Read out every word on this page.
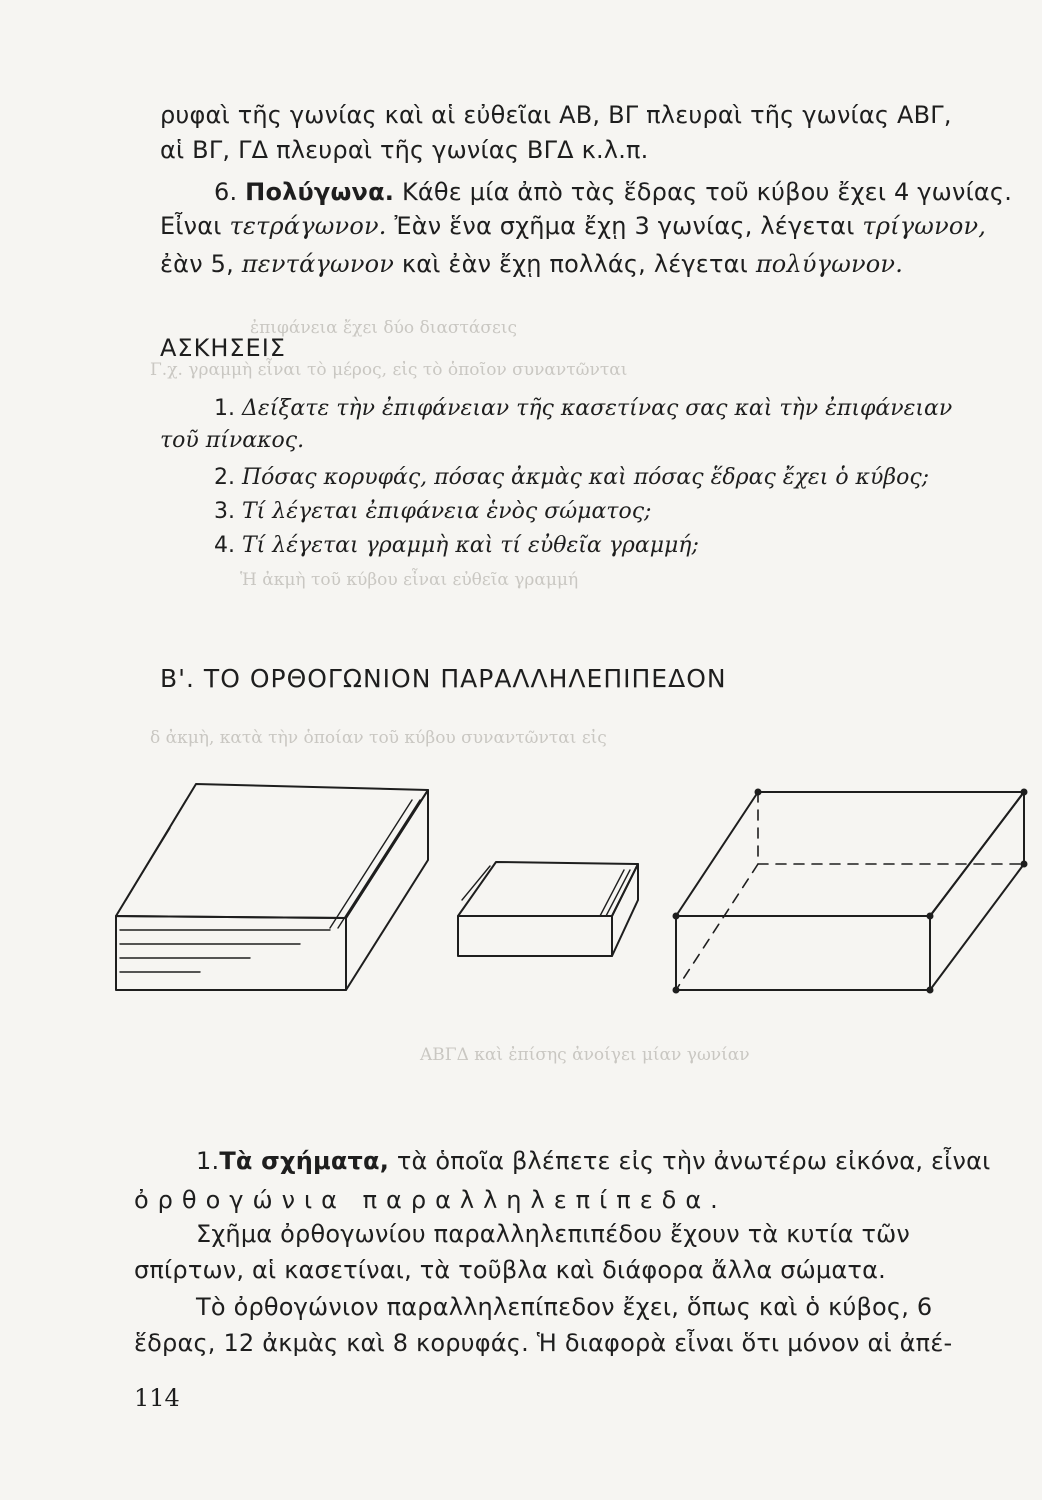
ἐπιφάνεια ἔχει δύο διαστάσεις
Γ.χ. γραμμὴ εἶναι τὸ μέρος, εἰς τὸ ὁποῖον συναντῶνται
Ἡ ἀκμὴ τοῦ κύβου εἶναι εὐθεῖα γραμμή
δ ἀκμὴ, κατὰ τὴν ὁποίαν τοῦ κύβου συναντῶνται εἰς
ΑΒΓΔ καὶ ἐπίσης ἀνοίγει μίαν γωνίαν
ρυφαὶ τῆς γωνίας καὶ αἱ εὐθεῖαι ΑΒ, ΒΓ πλευραὶ τῆς γωνίας ΑΒΓ,
αἱ ΒΓ, ΓΔ πλευραὶ τῆς γωνίας ΒΓΔ κ.λ.π.
6. Πολύγωνα. Κάθε μία ἀπὸ τὰς ἕδρας τοῦ κύβου ἔχει 4 γωνίας.
Εἶναι τετράγωνον. Ἐὰν ἕνα σχῆμα ἔχῃ 3 γωνίας, λέγεται τρίγωνον,
ἐὰν 5, πεντάγωνον καὶ ἐὰν ἔχῃ πολλάς, λέγεται πολύγωνον.
ΑΣΚΗΣΕΙΣ
1. Δείξατε τὴν ἐπιφάνειαν τῆς κασετίνας σας καὶ τὴν ἐπιφάνειαν
τοῦ πίνακος.
2. Πόσας κορυφάς, πόσας ἀκμὰς καὶ πόσας ἕδρας ἔχει ὁ κύβος;
3. Τί λέγεται ἐπιφάνεια ἑνὸς σώματος;
4. Τί λέγεται γραμμὴ καὶ τί εὐθεῖα γραμμή;
Β'. ΤΟ ΟΡΘΟΓΩΝΙΟΝ ΠΑΡΑΛΛΗΛΕΠΙΠΕΔΟΝ
1.Τὰ σχήματα, τὰ ὁποῖα βλέπετε εἰς τὴν ἀνωτέρω εἰκόνα, εἶναι
ὀρθογώνια παραλληλεπίπεδα.
Σχῆμα ὀρθογωνίου παραλληλεπιπέδου ἔχουν τὰ κυτία τῶν
σπίρτων, αἱ κασετίναι, τὰ τοῦβλα καὶ διάφορα ἄλλα σώματα.
Τὸ ὀρθογώνιον παραλληλεπίπεδον ἔχει, ὅπως καὶ ὁ κύβος, 6
ἕδρας, 12 ἀκμὰς καὶ 8 κορυφάς. Ἡ διαφορὰ εἶναι ὅτι μόνον αἱ ἀπέ-
114
